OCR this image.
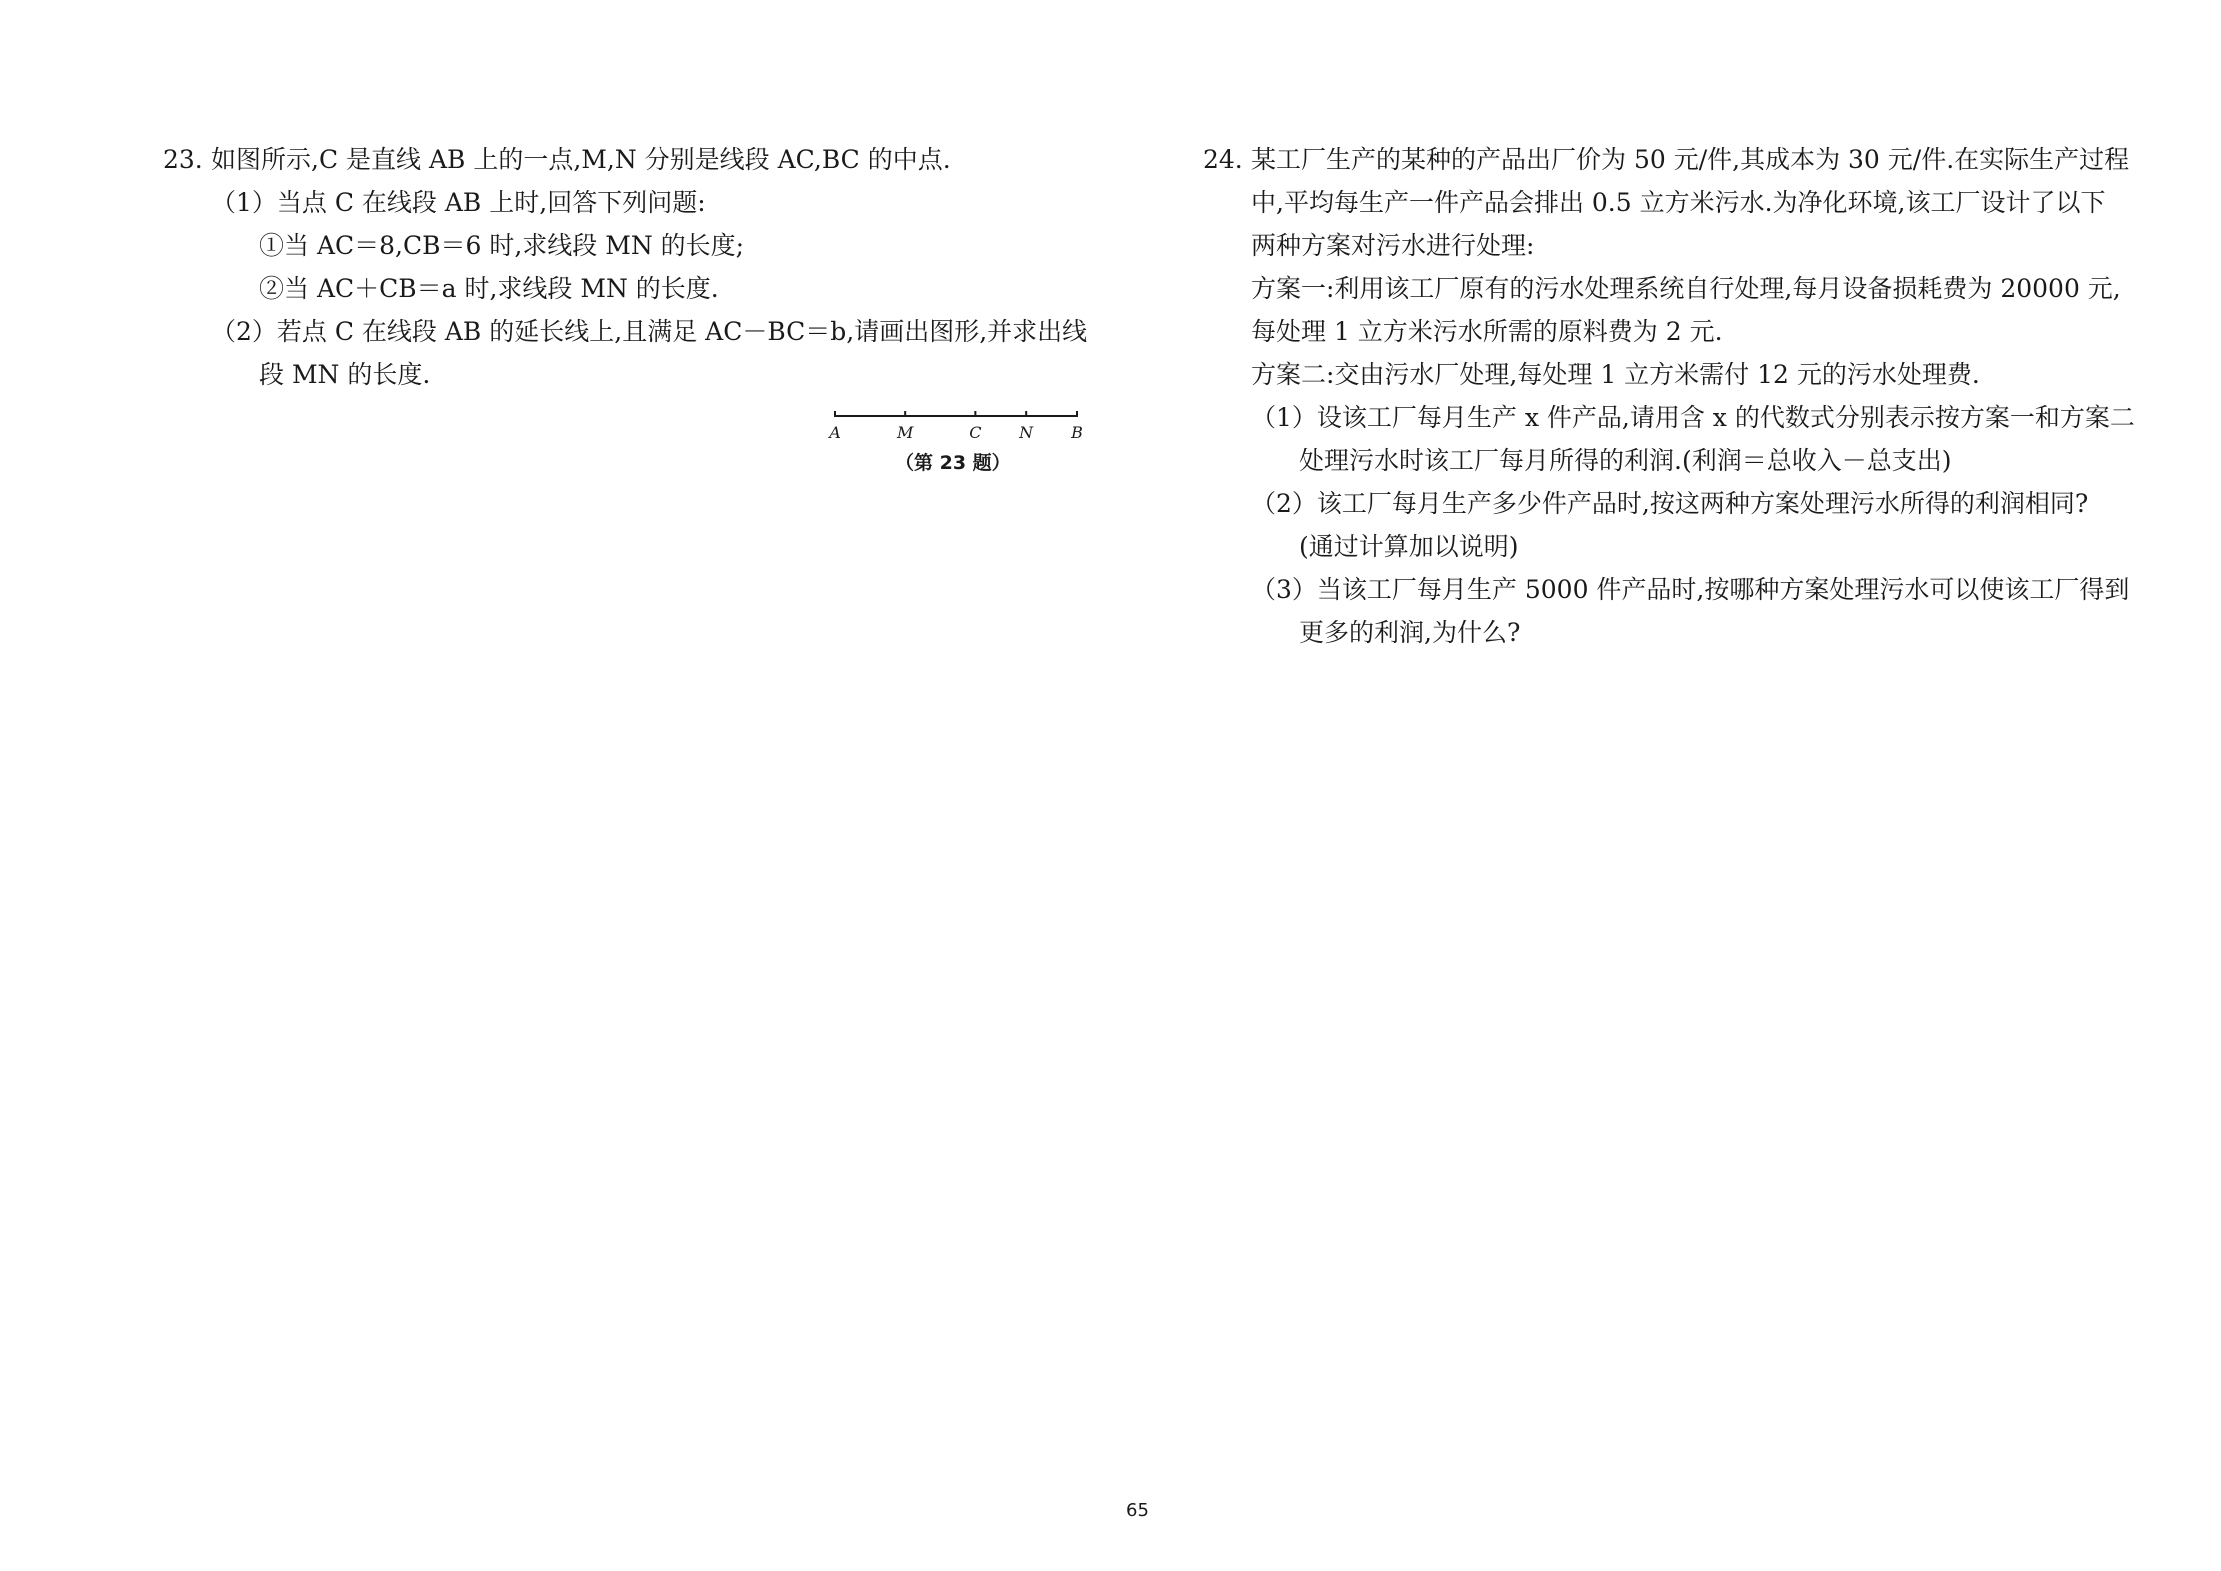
23. 如图所示,C 是直线 AB 上的一点,M,N 分别是线段 AC,BC 的中点.
（1）当点 C 在线段 AB 上时,回答下列问题:
①当 AC＝8,CB＝6 时,求线段 MN 的长度;
②当 AC＋CB＝a 时,求线段 MN 的长度.
（2）若点 C 在线段 AB 的延长线上,且满足 AC－BC＝b,请画出图形,并求出线
段 MN 的长度.
A	M	C N B
（第 23 题）
24. 某工厂生产的某种的产品出厂价为 50 元/件,其成本为 30 元/件.在实际生产过程
中,平均每生产一件产品会排出 0.5 立方米污水.为净化环境,该工厂设计了以下
两种方案对污水进行处理:
方案一:利用该工厂原有的污水处理系统自行处理,每月设备损耗费为 20000 元,
每处理 1 立方米污水所需的原料费为 2 元.
方案二:交由污水厂处理,每处理 1 立方米需付 12 元的污水处理费.
（1）设该工厂每月生产 x 件产品,请用含 x 的代数式分别表示按方案一和方案二
处理污水时该工厂每月所得的利润.(利润＝总收入－总支出)
（2）该工厂每月生产多少件产品时,按这两种方案处理污水所得的利润相同?
(通过计算加以说明)
（3）当该工厂每月生产 5000 件产品时,按哪种方案处理污水可以使该工厂得到
更多的利润,为什么?
65
